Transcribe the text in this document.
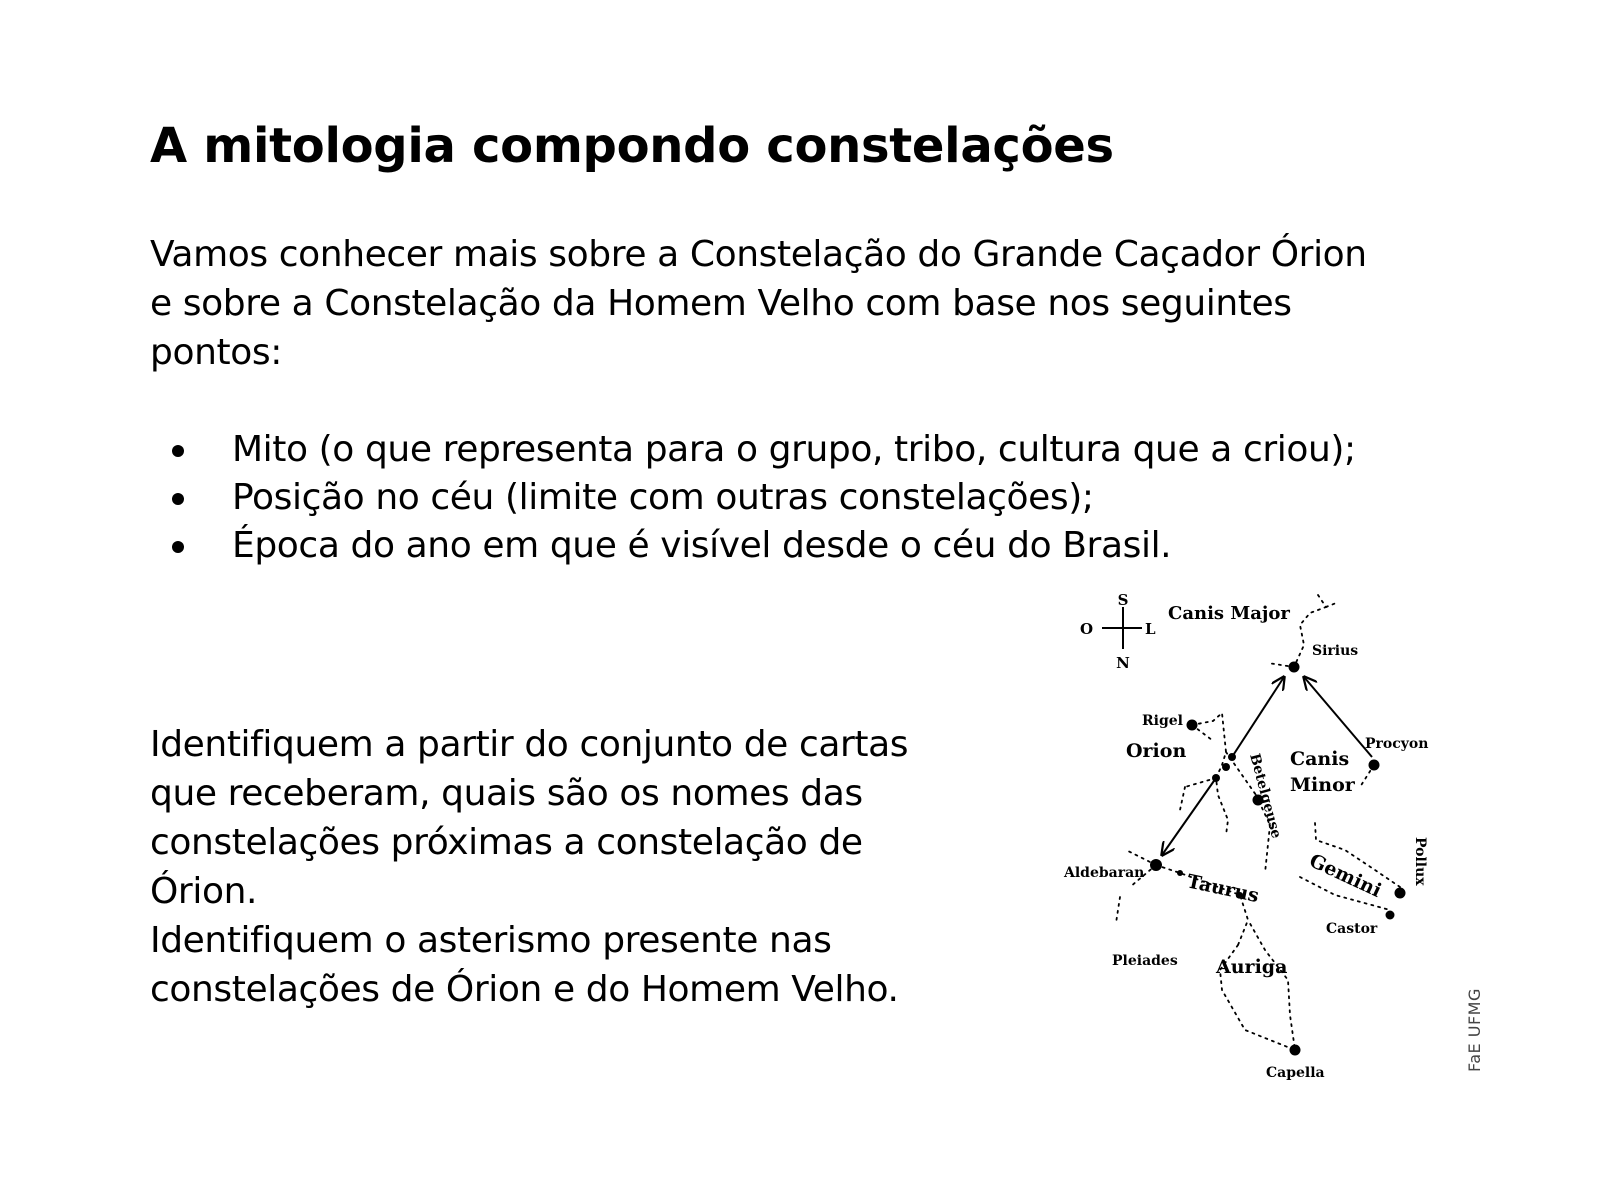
A mitologia compondo constelações

Vamos conhecer mais sobre a Constelação do Grande Caçador Órion
e sobre a Constelação da Homem Velho com base nos seguintes
pontos:

Mito (o que representa para o grupo, tribo, cultura que a criou);
Posição no céu (limite com outras constelações);
Época do ano em que é visível desde o céu do Brasil.

Identifiquem a partir do conjunto de cartas
que receberam, quais são os nomes das
constelações próximas a constelação de
Órion.
Identifiquem o asterismo presente nas
constelações de Órion e do Homem Velho.

S
N
O	L
Canis Major
Sirius
Rigel
Orion
Betelgeuse Canis
Minor
Procyon
Aldebaran Taurus Gemini Pollux
Castor
Pleiades Auriga
Capella
FaE UFMG
